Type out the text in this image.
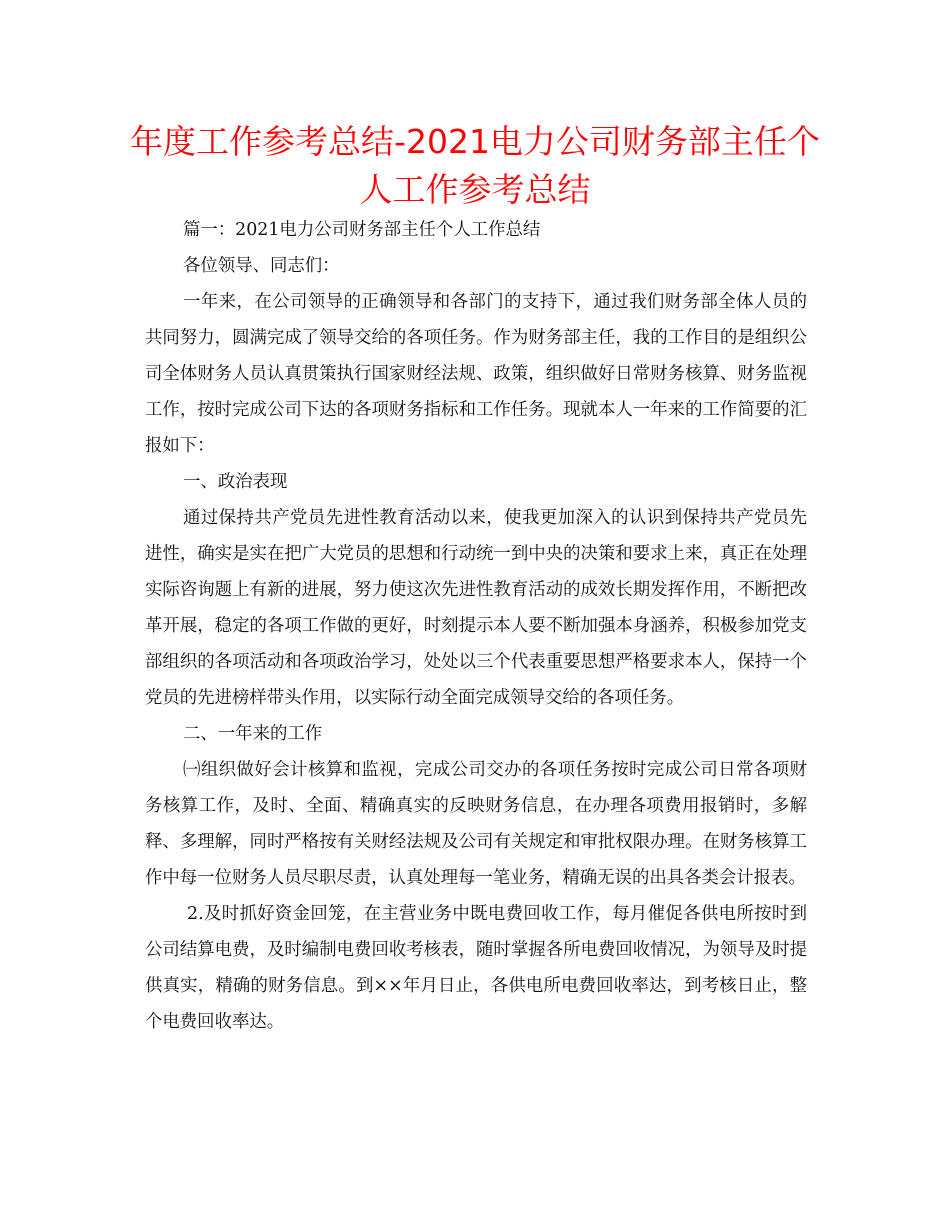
年度工作参考总结-2021电力公司财务部主任个人工作参考总结

篇一：2021电力公司财务部主任个人工作总结

各位领导、同志们：

一年来，在公司领导的正确领导和各部门的支持下，通过我们财务部全体人员的共同努力，圆满完成了领导交给的各项任务。作为财务部主任，我的工作目的是组织公司全体财务人员认真贯策执行国家财经法规、政策，组织做好日常财务核算、财务监视工作，按时完成公司下达的各项财务指标和工作任务。现就本人一年来的工作简要的汇报如下：

一、政治表现

通过保持共产党员先进性教育活动以来，使我更加深入的认识到保持共产党员先进性，确实是实在把广大党员的思想和行动统一到中央的决策和要求上来，真正在处理实际咨询题上有新的进展，努力使这次先进性教育活动的成效长期发挥作用，不断把改革开展，稳定的各项工作做的更好，时刻提示本人要不断加强本身涵养，积极参加党支部组织的各项活动和各项政治学习，处处以三个代表重要思想严格要求本人，保持一个党员的先进榜样带头作用，以实际行动全面完成领导交给的各项任务。

二、一年来的工作

㈠组织做好会计核算和监视，完成公司交办的各项任务按时完成公司日常各项财务核算工作，及时、全面、精确真实的反映财务信息，在办理各项费用报销时，多解释、多理解，同时严格按有关财经法规及公司有关规定和审批权限办理。在财务核算工作中每一位财务人员尽职尽责，认真处理每一笔业务，精确无误的出具各类会计报表。

2.及时抓好资金回笼，在主营业务中既电费回收工作，每月催促各供电所按时到公司结算电费，及时编制电费回收考核表，随时掌握各所电费回收情况，为领导及时提供真实，精确的财务信息。到××年月日止，各供电所电费回收率达，到考核日止，整个电费回收率达。
